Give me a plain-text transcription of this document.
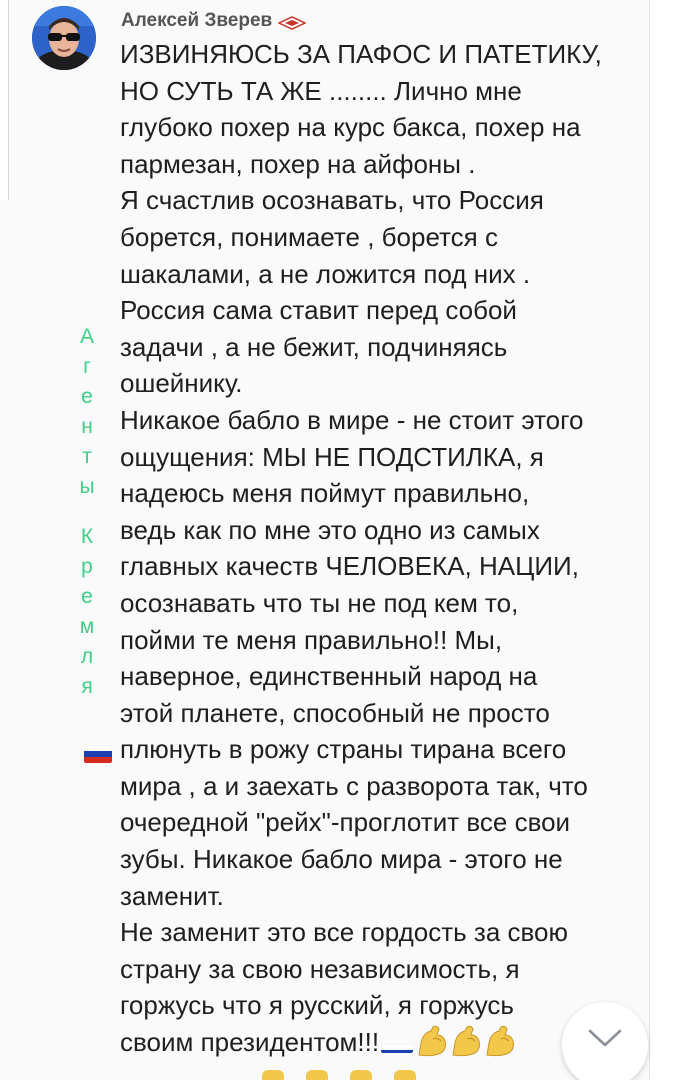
Алексей Зверев
ИЗВИНЯЮСЬ ЗА ПАФОС И ПАТЕТИКУ,
НО СУТЬ ТА ЖЕ ........ Лично мне
глубоко похер на курс бакса, похер на
пармезан, похер на айфоны .
Я счастлив осознавать, что Россия
борется, понимаете , борется с
шакалами, а не ложится под них .
Россия сама ставит перед собой
задачи , а не бежит, подчиняясь
ошейнику.
Никакое бабло в мире - не стоит этого
ощущения: МЫ НЕ ПОДСТИЛКА, я
надеюсь меня поймут правильно,
ведь как по мне это одно из самых
главных качеств ЧЕЛОВЕКА, НАЦИИ,
осознавать что ты не под кем то,
пойми те меня правильно!! Мы,
наверное, единственный народ на
этой планете, способный не просто
плюнуть в рожу страны тирана всего
мира , а и заехать с разворота так, что
очередной "рейх"-проглотит все свои
зубы. Никакое бабло мира - этого не
заменит.
Не заменит это все гордость за свою
страну за свою независимость, я
горжусь что я русский, я горжусь
своим президентом!!!
А
г
е
н
т
ы
К
р
е
м
л
я
